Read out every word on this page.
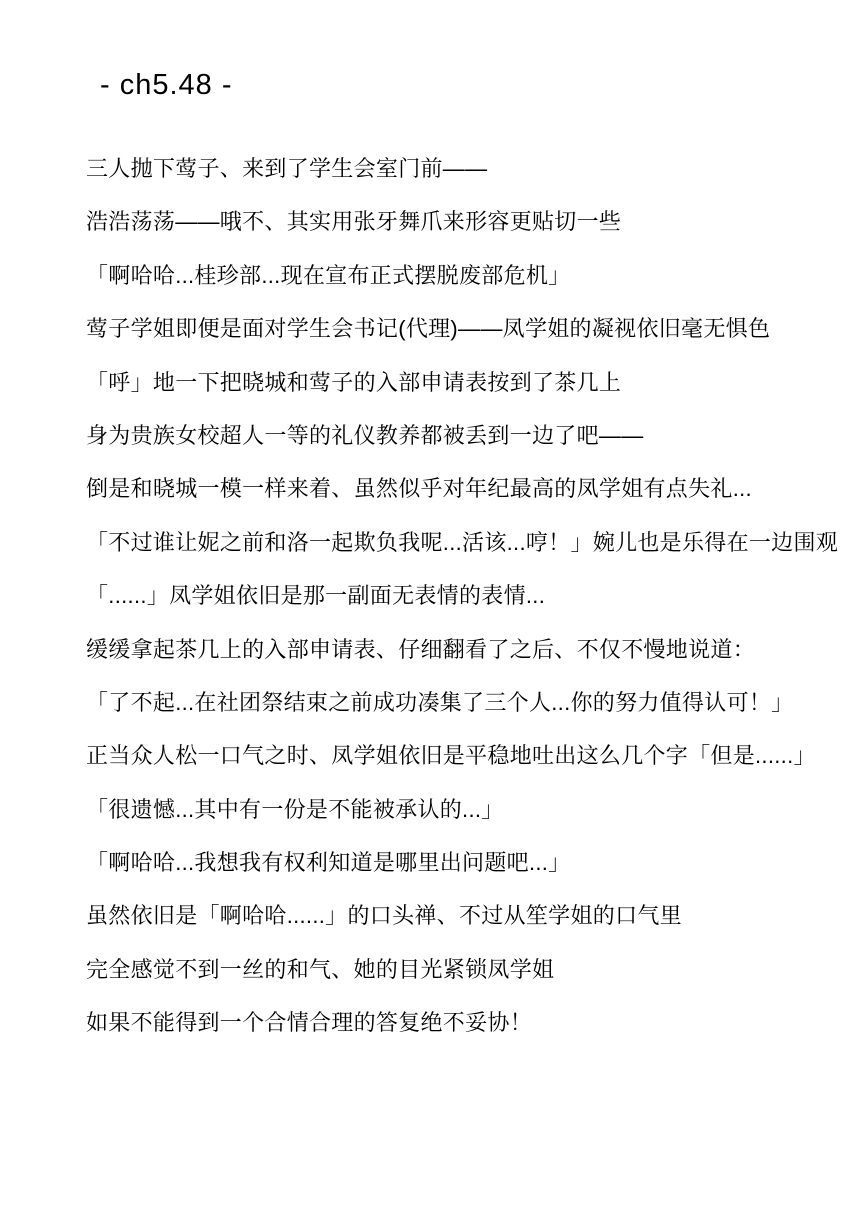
- ch5.48 -

三人抛下莺子、来到了学生会室门前——

浩浩荡荡——哦不、其实用张牙舞爪来形容更贴切一些

「啊哈哈...桂珍部...现在宣布正式摆脱废部危机」

莺子学姐即便是面对学生会书记(代理)——凤学姐的凝视依旧毫无惧色

「呼」地一下把晓城和莺子的入部申请表按到了茶几上

身为贵族女校超人一等的礼仪教养都被丢到一边了吧——

倒是和晓城一模一样来着、虽然似乎对年纪最高的凤学姐有点失礼...

「不过谁让妮之前和洛一起欺负我呢...活该...哼！」婉儿也是乐得在一边围观

「......」凤学姐依旧是那一副面无表情的表情...

缓缓拿起茶几上的入部申请表、仔细翻看了之后、不仅不慢地说道：

「了不起...在社团祭结束之前成功凑集了三个人...你的努力值得认可！」

正当众人松一口气之时、凤学姐依旧是平稳地吐出这么几个字「但是......」

「很遗憾...其中有一份是不能被承认的...」

「啊哈哈...我想我有权利知道是哪里出问题吧...」

虽然依旧是「啊哈哈......」的口头禅、不过从笙学姐的口气里

完全感觉不到一丝的和气、她的目光紧锁凤学姐

如果不能得到一个合情合理的答复绝不妥协！
